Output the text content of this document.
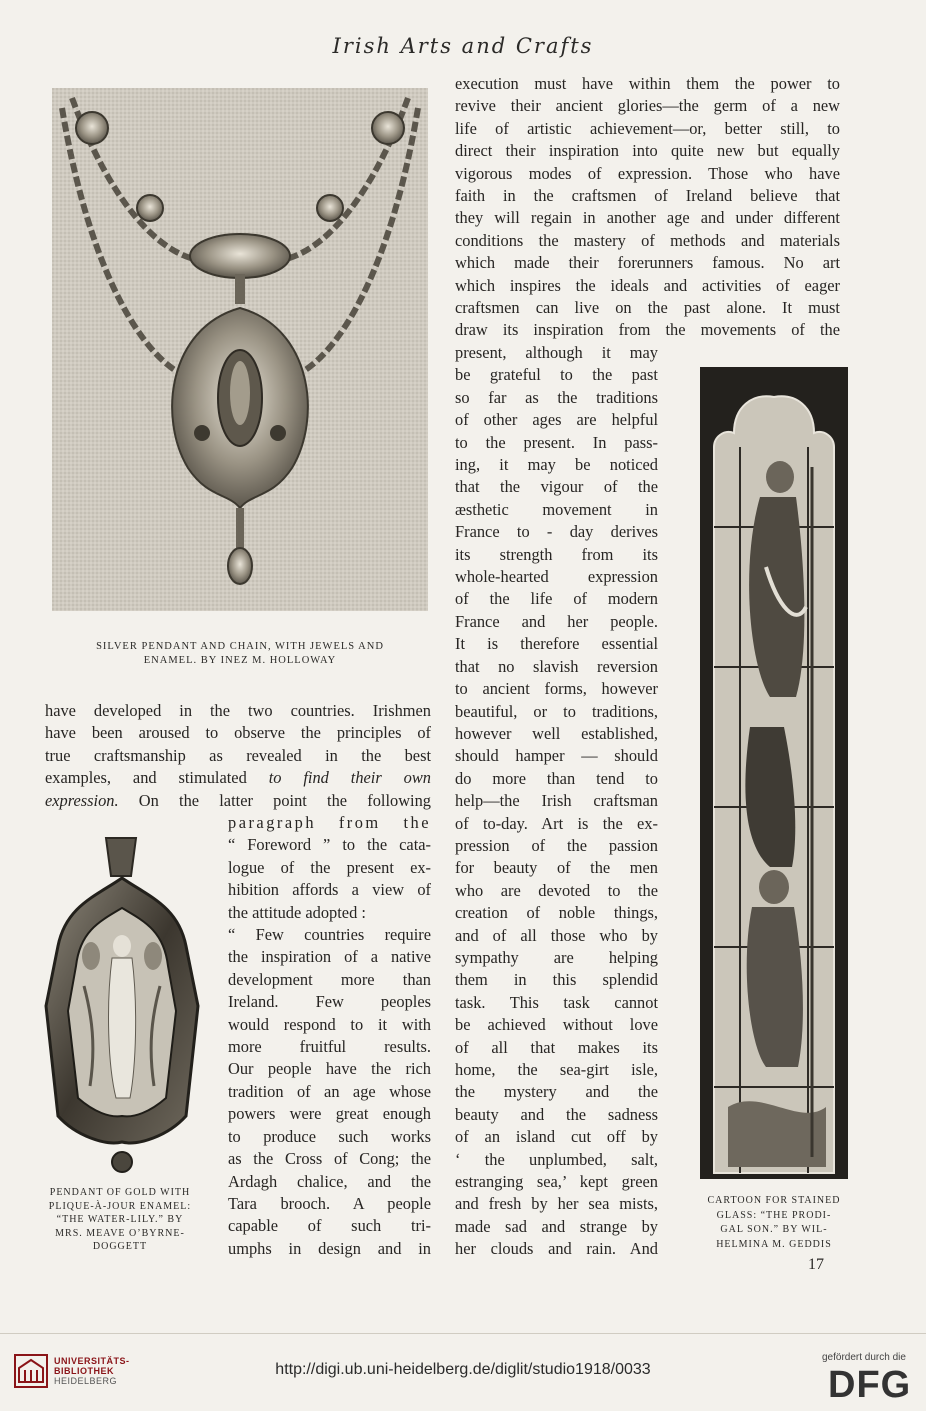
Irish Arts and Crafts
SILVER PENDANT AND CHAIN, WITH JEWELS AND
ENAMEL. BY INEZ M. HOLLOWAY
PENDANT OF GOLD WITH
PLIQUE-À-JOUR ENAMEL:
“THE WATER-LILY.” BY
MRS. MEAVE O’BYRNE-
DOGGETT
CARTOON FOR STAINED
GLASS: “THE PRODI-
GAL SON.” BY WIL-
HELMINA M. GEDDIS
have developed in the two countries. Irishmen
have been aroused to observe the principles of
true craftsmanship as revealed in the best
examples, and stimulated to find their own
expression. On the latter point the following
paragraph from the
“ Foreword ” to the cata-
logue of the present ex-
hibition affords a view of
the attitude adopted :
“ Few countries require
the inspiration of a native
development more than
Ireland. Few peoples
would respond to it with
more fruitful results.
Our people have the rich
tradition of an age whose
powers were great enough
to produce such works
as the Cross of Cong; the
Ardagh chalice, and the
Tara brooch. A people
capable of such tri-
umphs in design and in
execution must have within them the power to
revive their ancient glories—the germ of a new
life of artistic achievement—or, better still, to
direct their inspiration into quite new but equally
vigorous modes of expression. Those who have
faith in the craftsmen of Ireland believe that
they will regain in another age and under different
conditions the mastery of methods and materials
which made their forerunners famous. No art
which inspires the ideals and activities of eager
craftsmen can live on the past alone. It must
draw its inspiration from the movements of the
present, although it may
be grateful to the past
so far as the traditions
of other ages are helpful
to the present. In pass-
ing, it may be noticed
that the vigour of the
æsthetic movement in
France to - day derives
its strength from its
whole-hearted expression
of the life of modern
France and her people.
It is therefore essential
that no slavish reversion
to ancient forms, however
beautiful, or to traditions,
however well established,
should hamper — should
do more than tend to
help—the Irish craftsman
of to-day. Art is the ex-
pression of the passion
for beauty of the men
who are devoted to the
creation of noble things,
and of all those who by
sympathy are helping
them in this splendid
task. This task cannot
be achieved without love
of all that makes its
home, the sea-girt isle,
the mystery and the
beauty and the sadness
of an island cut off by
‘ the unplumbed, salt,
estranging sea,’ kept green
and fresh by her sea mists,
made sad and strange by
her clouds and rain. And
17
UNIVERSITÄTS-
BIBLIOTHEK
HEIDELBERG
http://digi.ub.uni-heidelberg.de/diglit/studio1918/0033
gefördert durch die
DFG
